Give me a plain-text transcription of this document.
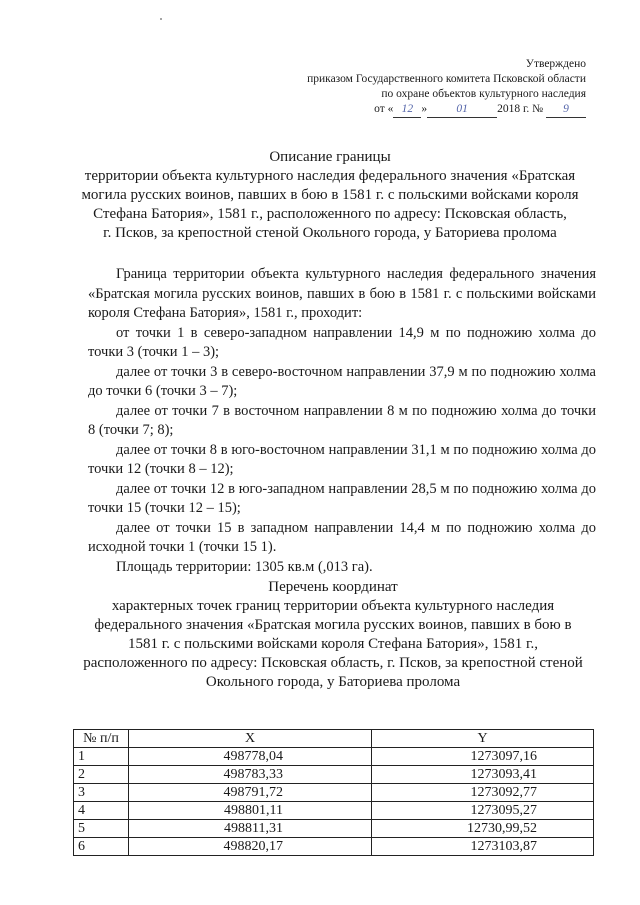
Утверждено
приказом Государственного комитета Псковской области
по охране объектов культурного наследия
от « 12 »	01	2018 г. № 9
Описание границы
территории объекта культурного наследия федерального значения «Братская
могила русских воинов, павших в бою в 1581 г. с польскими войсками короля
Стефана Батория», 1581 г., расположенного по адресу: Псковская область,
г. Псков, за крепостной стеной Окольного города, у Баториева пролома

Граница территории объекта культурного наследия федерального значения «Братская могила русских воинов, павших в бою в 1581 г. с польскими войсками короля Стефана Батория», 1581 г., проходит:

от точки 1 в северо-западном направлении 14,9 м по подножию холма до точки 3 (точки 1 – 3);

далее от точки 3 в северо-восточном направлении 37,9 м по подножию холма до точки 6 (точки 3 – 7);

далее от точки 7 в восточном направлении 8 м по подножию холма до точки 8 (точки 7; 8);

далее от точки 8 в юго-восточном направлении 31,1 м по подножию холма до точки 12 (точки 8 – 12);

далее от точки 12 в юго-западном направлении 28,5 м по подножию холма до точки 15 (точки 12 – 15);

далее от точки 15 в западном направлении 14,4 м по подножию холма до исходной точки 1 (точки 15 1).

Площадь территории: 1305 кв.м (,013 га).

Перечень координат
характерных точек границ территории объекта культурного наследия
федерального значения «Братская могила русских воинов, павших в бою в
1581 г. с польскими войсками короля Стефана Батория», 1581 г.,
расположенного по адресу: Псковская область, г. Псков, за крепостной стеной
Окольного города, у Баториева пролома
№ п/п	X	Y
1	498778,04	1273097,16
2	498783,33	1273093,41
3	498791,72	1273092,77
4	498801,11	1273095,27
5	498811,31	12730,99,52
6	498820,17	1273103,87
